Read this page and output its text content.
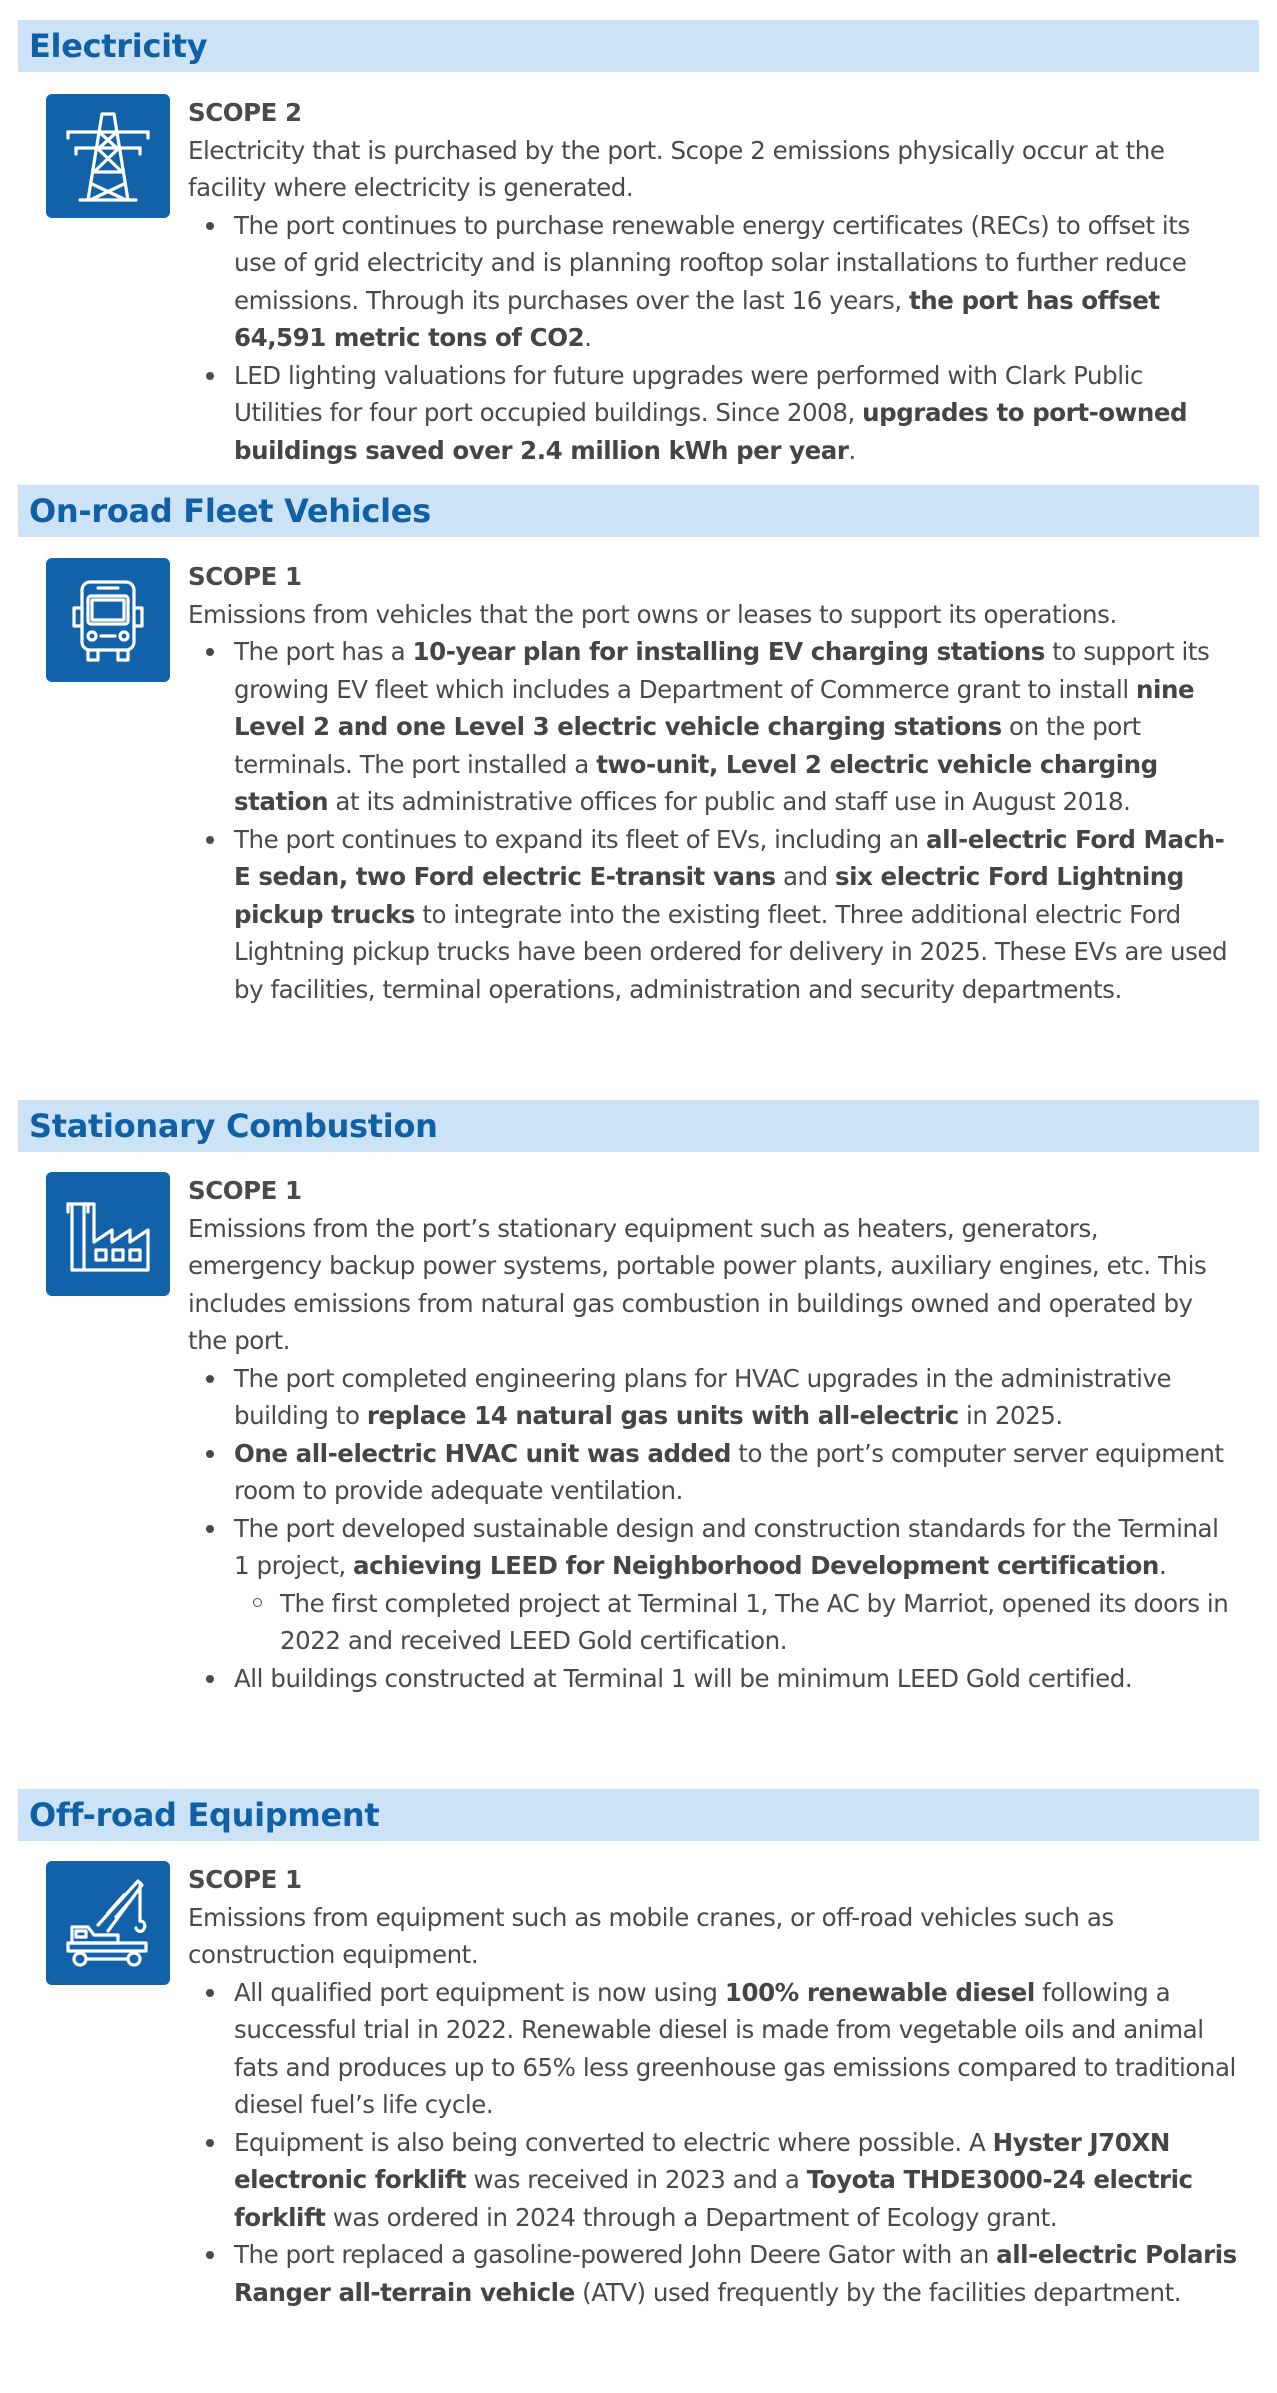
Electricity

SCOPE 2

Electricity that is purchased by the port. Scope 2 emissions physically occur at the facility where electricity is generated.

The port continues to purchase renewable energy certificates (RECs) to offset its use of grid electricity and is planning rooftop solar installations to further reduce emissions. Through its purchases over the last 16 years, the port has offset 64,591 metric tons of CO2.
LED lighting valuations for future upgrades were performed with Clark Public Utilities for four port occupied buildings. Since 2008, upgrades to port-owned buildings saved over 2.4 million kWh per year.
On-road Fleet Vehicles

SCOPE 1

Emissions from vehicles that the port owns or leases to support its operations.

The port has a 10-year plan for installing EV charging stations to support its growing EV fleet which includes a Department of Commerce grant to install nine Level 2 and one Level 3 electric vehicle charging stations on the port terminals. The port installed a two-unit, Level 2 electric vehicle charging station at its administrative offices for public and staff use in August 2018.
The port continues to expand its fleet of EVs, including an all-electric Ford Mach-E sedan, two Ford electric E-transit vans and six electric Ford Lightning pickup trucks to integrate into the existing fleet. Three additional electric Ford Lightning pickup trucks have been ordered for delivery in 2025. These EVs are used by facilities, terminal operations, administration and security departments.
Stationary Combustion

SCOPE 1

Emissions from the port’s stationary equipment such as heaters, generators, emergency backup power systems, portable power plants, auxiliary engines, etc. This includes emissions from natural gas combustion in buildings owned and operated by the port.

The port completed engineering plans for HVAC upgrades in the administrative building to replace 14 natural gas units with all-electric in 2025.
One all-electric HVAC unit was added to the port’s computer server equipment room to provide adequate ventilation.
The port developed sustainable design and construction standards for the Terminal 1 project, achieving LEED for Neighborhood Development certification.
The first completed project at Terminal 1, The AC by Marriot, opened its doors in 2022 and received LEED Gold certification.
All buildings constructed at Terminal 1 will be minimum LEED Gold certified.
Off-road Equipment

SCOPE 1

Emissions from equipment such as mobile cranes, or off-road vehicles such as construction equipment.

All qualified port equipment is now using 100% renewable diesel following a successful trial in 2022. Renewable diesel is made from vegetable oils and animal fats and produces up to 65% less greenhouse gas emissions compared to traditional diesel fuel’s life cycle.
Equipment is also being converted to electric where possible. A Hyster J70XN electronic forklift was received in 2023 and a Toyota THDE3000-24 electric forklift was ordered in 2024 through a Department of Ecology grant.
The port replaced a gasoline-powered John Deere Gator with an all-electric Polaris Ranger all-terrain vehicle (ATV) used frequently by the facilities department.
